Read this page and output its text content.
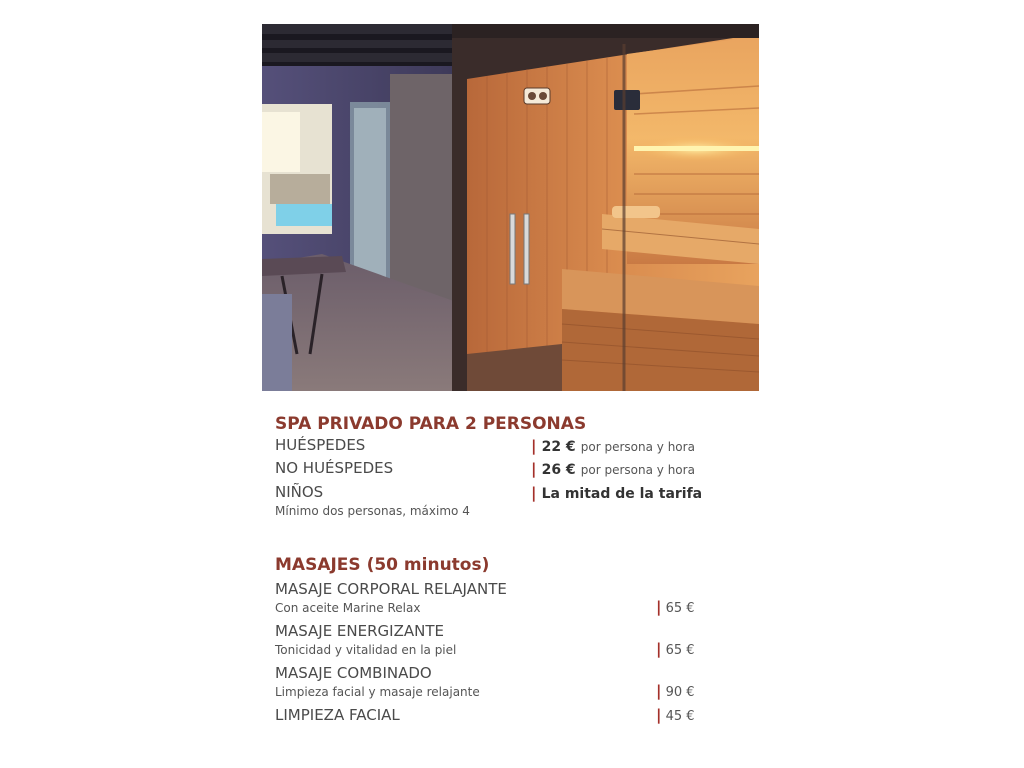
SPA PRIVADO PARA 2 PERSONAS
HUÉSPEDES	| 22 € por persona y hora
NO HUÉSPEDES	| 26 € por persona y hora
NIÑOS	| La mitad de la tarifa
Mínimo dos personas, máximo 4
MASAJES (50 minutos)
MASAJE CORPORAL RELAJANTE
Con aceite Marine Relax	| 65 €
MASAJE ENERGIZANTE
Tonicidad y vitalidad en la piel	| 65 €
MASAJE COMBINADO
Limpieza facial y masaje relajante	| 90 €
LIMPIEZA FACIAL	| 45 €
